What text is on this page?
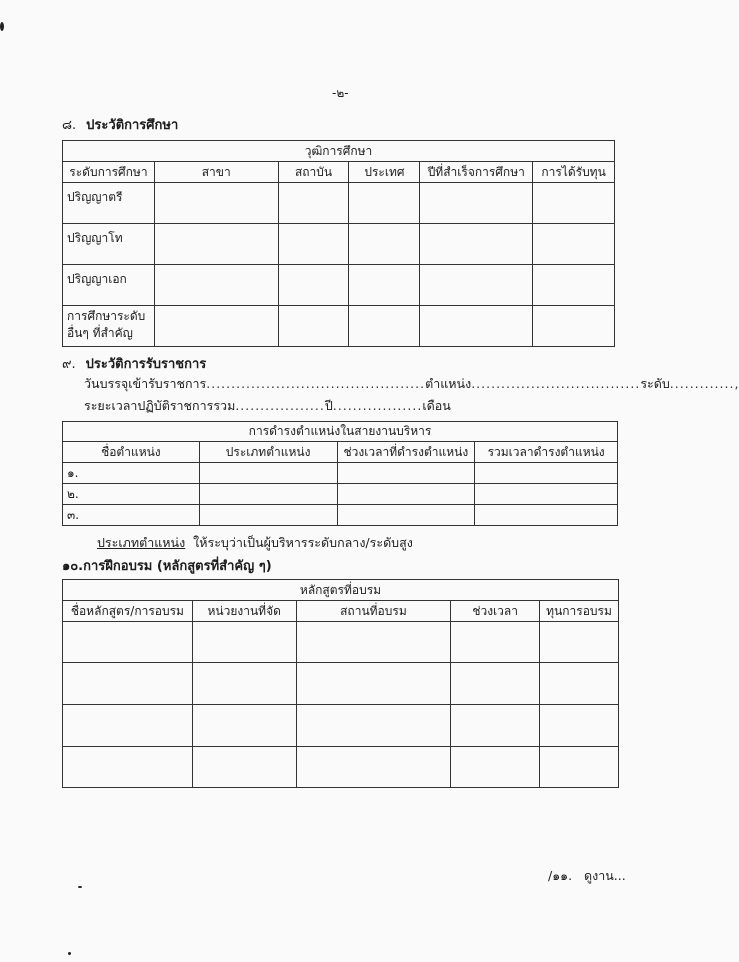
-๒-
๘. ประวัติการศึกษา
วุฒิการศึกษา					
ระดับการศึกษา	สาขา	สถาบัน	ประเทศ	ปีที่สำเร็จการศึกษา	การได้รับทุน
ปริญญาตรี					
ปริญญาโท					
ปริญญาเอก					

การศึกษาระดับ
อื่นๆ ที่สำคัญ					

๙. ประวัติการรับราชการ
วันบรรจุเข้ารับราชการ............................................ตำแหน่ง..................................ระดับ.............,
ระยะเวลาปฏิบัติราชการรวม..................ปี..................เดือน
การดำรงตำแหน่งในสายงานบริหาร			
ชื่อตำแหน่ง	ประเภทตำแหน่ง	ช่วงเวลาที่ดำรงตำแหน่ง	รวมเวลาดำรงตำแหน่ง
๑.			
๒.			
๓.			
ประเภทตำแหน่ง ให้ระบุว่าเป็นผู้บริหารระดับกลาง/ระดับสูง
๑๐.การฝึกอบรม (หลักสูตรที่สำคัญ ๆ)
หลักสูตรที่อบรม				
ชื่อหลักสูตร/การอบรม	หน่วยงานที่จัด	สถานที่อบรม	ช่วงเวลา	ทุนการอบรม

/๑๑.   ดูงาน...
